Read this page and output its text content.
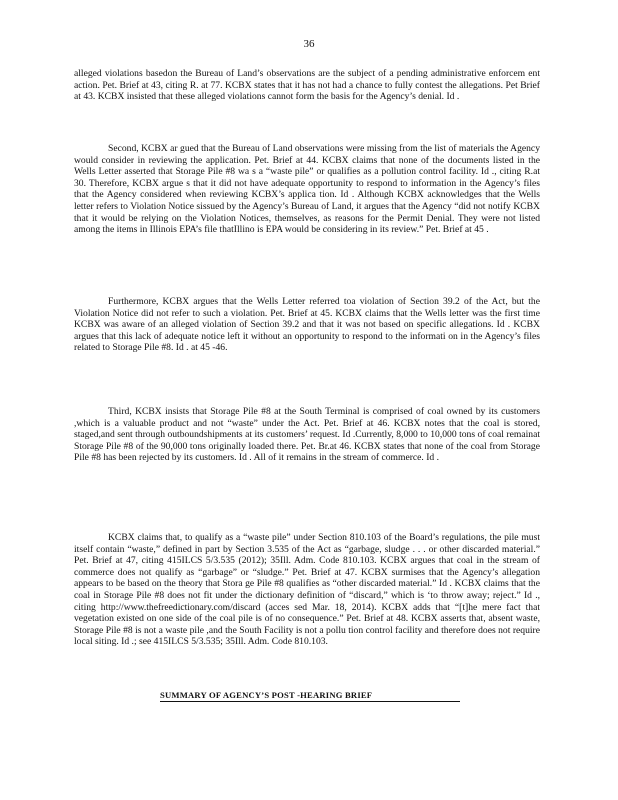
36
alleged violations basedon the Bureau of Land’s observations are the subject of a pending administrative enforcem ent action. Pet. Brief at 43, citing R. at 77. KCBX states that it has not had a chance to fully contest the allegations. Pet Brief at 43. KCBX insisted that these alleged violations cannot form the basis for the Agency’s denial. Id .
Second, KCBX ar gued that the Bureau of Land observations were missing from the list of materials the Agency would consider in reviewing the application. Pet. Brief at 44. KCBX claims that none of the documents listed in the Wells Letter asserted that Storage Pile #8 wa s a “waste pile” or qualifies as a pollution control facility. Id ., citing R.at 30. Therefore, KCBX argue s that it did not have adequate opportunity to respond to information in the Agency’s files that the Agency considered when reviewing KCBX’s applica tion. Id . Although KCBX acknowledges that the Wells letter refers to Violation Notice sissued by the Agency’s Bureau of Land, it argues that the Agency “did not notify KCBX that it would be relying on the Violation Notices, themselves, as reasons for the Permit Denial. They were not listed among the items in Illinois EPA’s file thatIllino is EPA would be considering in its review.” Pet. Brief at 45 .
Furthermore, KCBX argues that the Wells Letter referred toa violation of Section 39.2 of the Act, but the Violation Notice did not refer to such a violation. Pet. Brief at 45. KCBX claims that the Wells letter was the first time KCBX was aware of an alleged violation of Section 39.2 and that it was not based on specific allegations. Id . KCBX argues that this lack of adequate notice left it without an opportunity to respond to the informati on in the Agency’s files related to Storage Pile #8. Id . at 45 -46.
Third, KCBX insists that Storage Pile #8 at the South Terminal is comprised of coal owned by its customers ,which is a valuable product and not “waste” under the Act. Pet. Brief at 46. KCBX notes that the coal is stored, staged,and sent through outboundshipments at its customers’ request. Id .Currently, 8,000 to 10,000 tons of coal remainat Storage Pile #8 of the 90,000 tons originally loaded there. Pet. Br.at 46. KCBX states that none of the coal from Storage Pile #8 has been rejected by its customers. Id . All of it remains in the stream of commerce. Id .
KCBX claims that, to qualify as a “waste pile” under Section 810.103 of the Board’s regulations, the pile must itself contain “waste,” defined in part by Section 3.535 of the Act as “garbage, sludge . . . or other discarded material.” Pet. Brief at 47, citing 415ILCS 5/3.535 (2012); 35Ill. Adm. Code 810.103. KCBX argues that coal in the stream of commerce does not qualify as “garbage” or “sludge.” Pet. Brief at 47. KCBX surmises that the Agency’s allegation appears to be based on the theory that Stora ge Pile #8 qualifies as “other discarded material.” Id . KCBX claims that the coal in Storage Pile #8 does not fit under the dictionary definition of “discard,” which is ‘to throw away; reject.” Id ., citing http://www.thefreedictionary.com/discard (acces sed Mar. 18, 2014). KCBX adds that “[t]he mere fact that vegetation existed on one side of the coal pile is of no consequence.” Pet. Brief at 48. KCBX asserts that, absent waste, Storage Pile #8 is not a waste pile ,and the South Facility is not a pollu tion control facility and therefore does not require local siting. Id .; see 415ILCS 5/3.535; 35Ill. Adm. Code 810.103.
SUMMARY OF AGENCY’S POST -HEARING BRIEF
